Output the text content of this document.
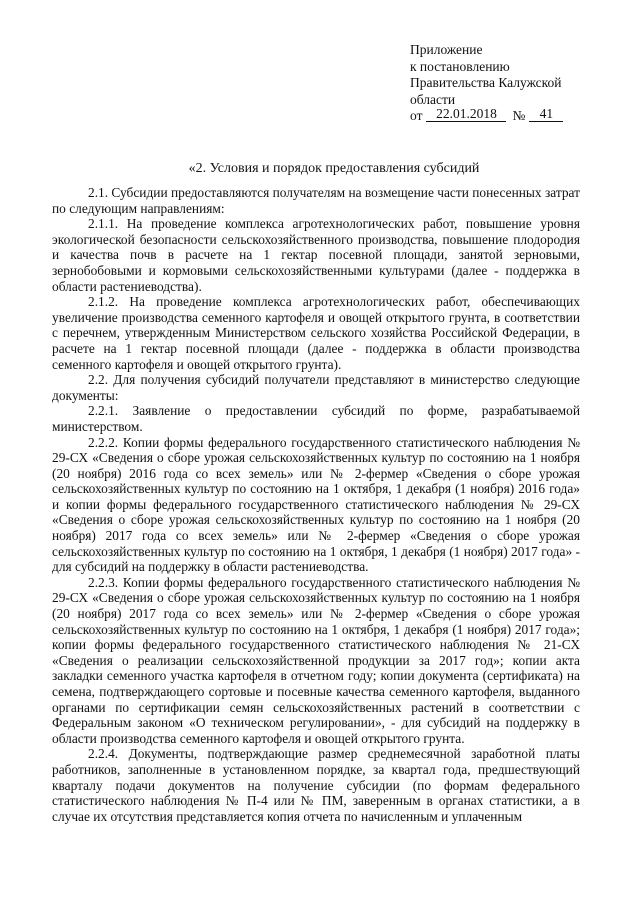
Приложение
к постановлению
Правительства Калужской
области
от	22.01.2018	№	41
«2. Условия и порядок предоставления субсидий

2.1. Субсидии предоставляются получателям на возмещение части понесенных затрат по следующим направлениям:

2.1.1. На проведение комплекса агротехнологических работ, повышение уровня экологической безопасности сельскохозяйственного производства, повышение плодородия и качества почв в расчете на 1 гектар посевной площади, занятой зерновыми, зернобобовыми и кормовыми сельскохозяйственными культурами (далее - поддержка в области растениеводства).

2.1.2. На проведение комплекса агротехнологических работ, обеспечивающих увеличение производства семенного картофеля и овощей открытого грунта, в соответствии с перечнем, утвержденным Министерством сельского хозяйства Российской Федерации, в расчете на 1 гектар посевной площади (далее - поддержка в области производства семенного картофеля и овощей открытого грунта).

2.2. Для получения субсидий получатели представляют в министерство следующие документы:

2.2.1. Заявление о предоставлении субсидий по форме, разрабатываемой министерством.

2.2.2. Копии формы федерального государственного статистического наблюдения № 29-СХ «Сведения о сборе урожая сельскохозяйственных культур по состоянию на 1 ноября (20 ноября) 2016 года со всех земель» или № 2-фермер «Сведения о сборе урожая сельскохозяйственных культур по состоянию на 1 октября, 1 декабря (1 ноября) 2016 года» и копии формы федерального государственного статистического наблюдения № 29-СХ «Сведения о сборе урожая сельскохозяйственных культур по состоянию на 1 ноября (20 ноября) 2017 года со всех земель» или № 2-фермер «Сведения о сборе урожая сельскохозяйственных культур по состоянию на 1 октября, 1 декабря (1 ноября) 2017 года» - для субсидий на поддержку в области растениеводства.

2.2.3. Копии формы федерального государственного статистического наблюдения № 29-СХ «Сведения о сборе урожая сельскохозяйственных культур по состоянию на 1 ноября (20 ноября) 2017 года со всех земель» или № 2-фермер «Сведения о сборе урожая сельскохозяйственных культур по состоянию на 1 октября, 1 декабря (1 ноября) 2017 года»; копии формы федерального государственного статистического наблюдения № 21-СХ «Сведения о реализации сельскохозяйственной продукции за 2017 год»; копии акта закладки семенного участка картофеля в отчетном году; копии документа (сертификата) на семена, подтверждающего сортовые и посевные качества семенного картофеля, выданного органами по сертификации семян сельскохозяйственных растений в соответствии с Федеральным законом «О техническом регулировании», - для субсидий на поддержку в области производства семенного картофеля и овощей открытого грунта.

2.2.4. Документы, подтверждающие размер среднемесячной заработной платы работников, заполненные в установленном порядке, за квартал года, предшествующий кварталу подачи документов на получение субсидии (по формам федерального статистического наблюдения № П-4 или № ПМ, заверенным в органах статистики, а в случае их отсутствия представляется копия отчета по начисленным и уплаченным
